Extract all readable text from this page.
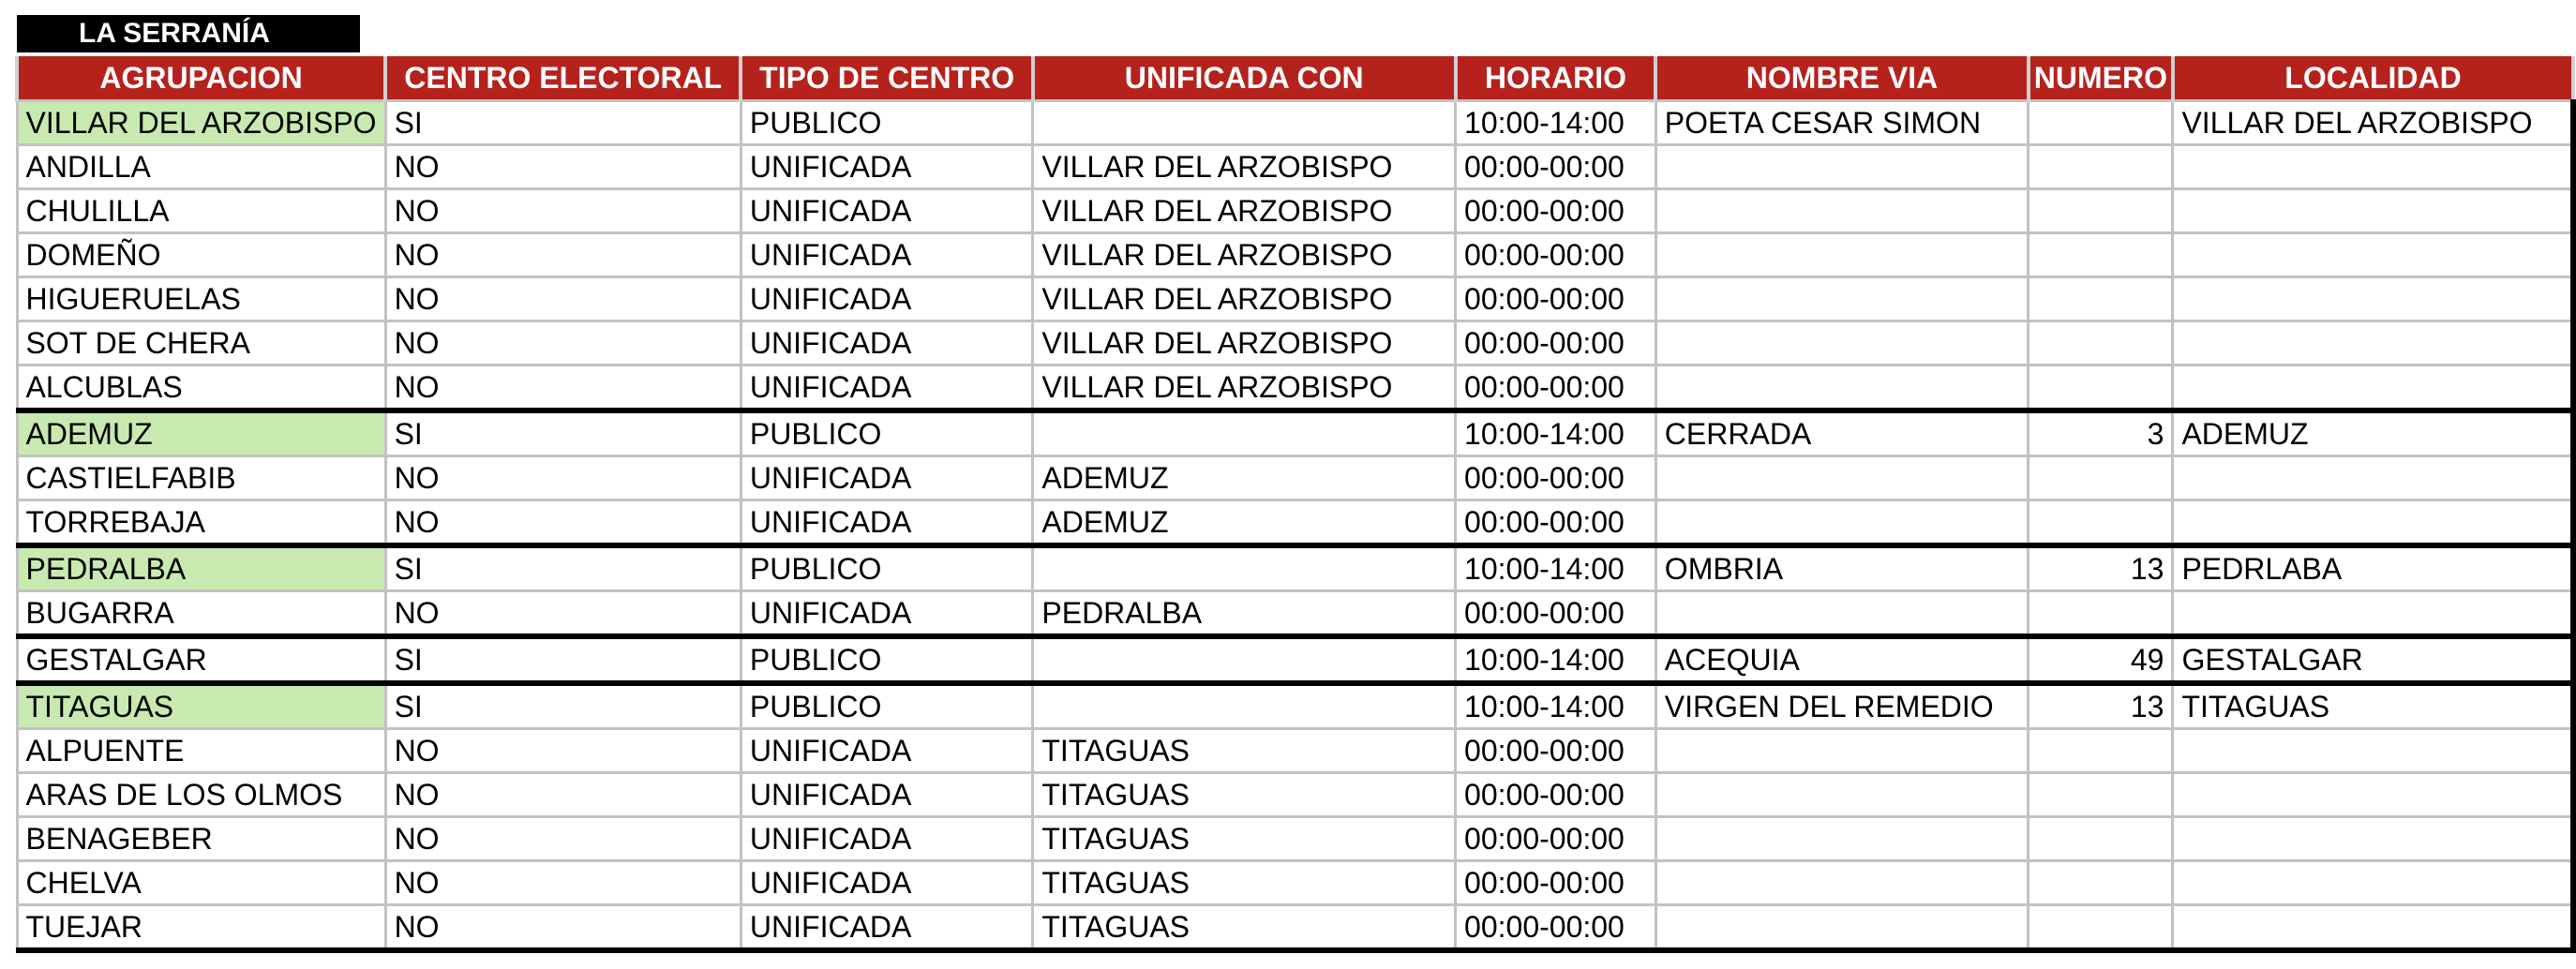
LA SERRANÍA
AGRUPACION	CENTRO ELECTORAL	TIPO DE CENTRO	UNIFICADA CON	HORARIO	NOMBRE VIA	NUMERO	LOCALIDAD
VILLAR DEL ARZOBISPO	SI	PUBLICO		10:00-14:00	POETA CESAR SIMON		VILLAR DEL ARZOBISPO
ANDILLA	NO	UNIFICADA	VILLAR DEL ARZOBISPO	00:00-00:00			
CHULILLA	NO	UNIFICADA	VILLAR DEL ARZOBISPO	00:00-00:00			
DOMEÑO	NO	UNIFICADA	VILLAR DEL ARZOBISPO	00:00-00:00			
HIGUERUELAS	NO	UNIFICADA	VILLAR DEL ARZOBISPO	00:00-00:00			
SOT DE CHERA	NO	UNIFICADA	VILLAR DEL ARZOBISPO	00:00-00:00			
ALCUBLAS	NO	UNIFICADA	VILLAR DEL ARZOBISPO	00:00-00:00			
ADEMUZ	SI	PUBLICO		10:00-14:00	CERRADA	3	ADEMUZ
CASTIELFABIB	NO	UNIFICADA	ADEMUZ	00:00-00:00			
TORREBAJA	NO	UNIFICADA	ADEMUZ	00:00-00:00			
PEDRALBA	SI	PUBLICO		10:00-14:00	OMBRIA	13	PEDRLABA
BUGARRA	NO	UNIFICADA	PEDRALBA	00:00-00:00			
GESTALGAR	SI	PUBLICO		10:00-14:00	ACEQUIA	49	GESTALGAR
TITAGUAS	SI	PUBLICO		10:00-14:00	VIRGEN DEL REMEDIO	13	TITAGUAS
ALPUENTE	NO	UNIFICADA	TITAGUAS	00:00-00:00			
ARAS DE LOS OLMOS	NO	UNIFICADA	TITAGUAS	00:00-00:00			
BENAGEBER	NO	UNIFICADA	TITAGUAS	00:00-00:00			
CHELVA	NO	UNIFICADA	TITAGUAS	00:00-00:00			
TUEJAR	NO	UNIFICADA	TITAGUAS	00:00-00:00			
